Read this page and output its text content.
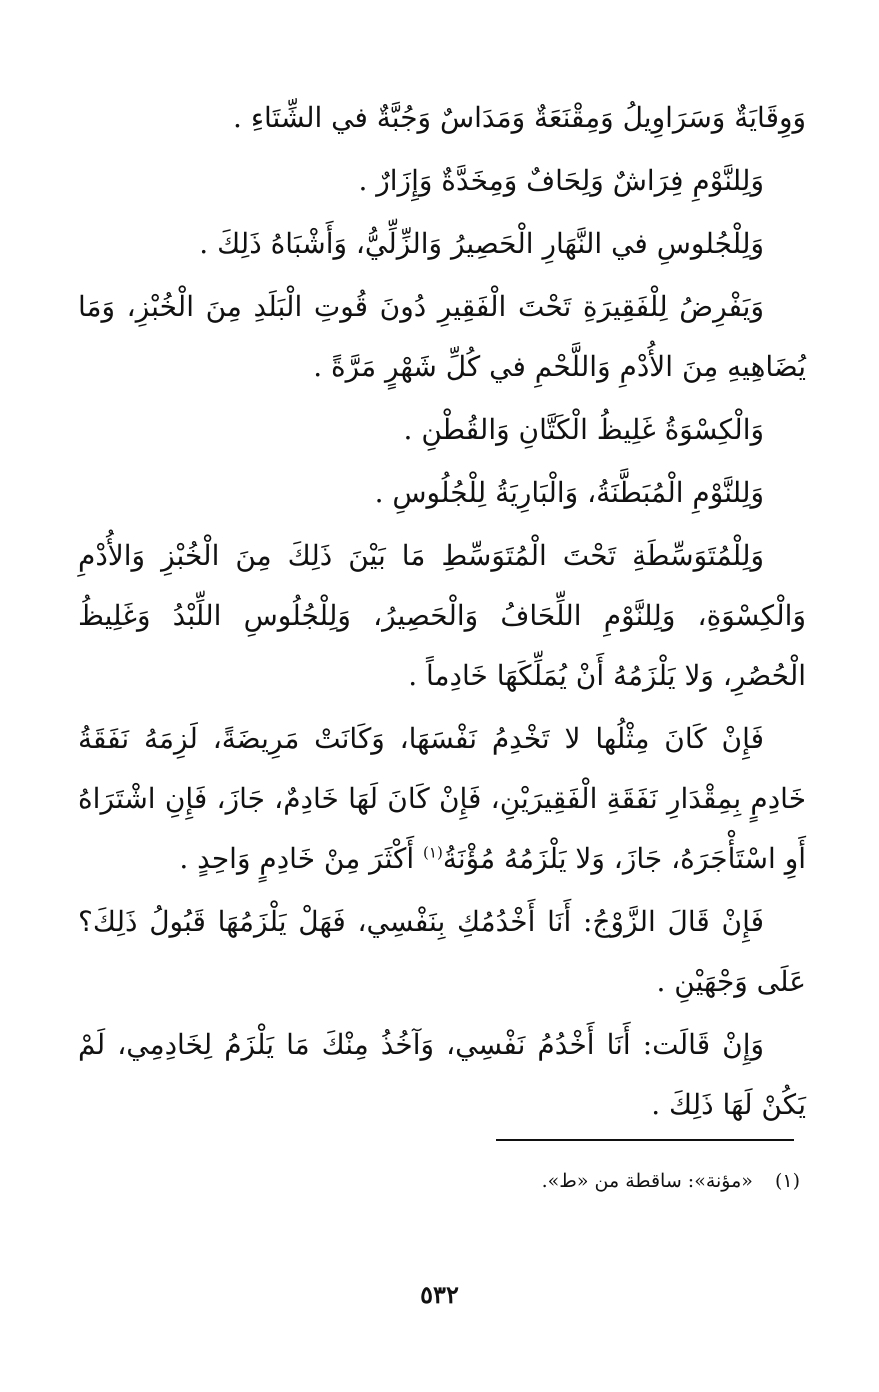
وَوِقَايَةٌ وَسَرَاوِيلُ وَمِقْنَعَةٌ وَمَدَاسٌ وَجُبَّةٌ في الشِّتَاءِ .

وَلِلنَّوْمِ فِرَاشٌ وَلِحَافٌ وَمِخَدَّةٌ وَإِزَارٌ .

وَلِلْجُلوسِ في النَّهَارِ الْحَصِيرُ وَالزِّلِّيُّ، وَأَشْبَاهُ ذَلِكَ .

وَيَفْرِضُ لِلْفَقِيرَةِ تَحْتَ الْفَقِيرِ دُونَ قُوتِ الْبَلَدِ مِنَ الْخُبْزِ، وَمَا يُضَاهِيهِ مِنَ الأُدْمِ وَاللَّحْمِ في كُلِّ شَهْرٍ مَرَّةً .

وَالْكِسْوَةُ غَلِيظُ الْكَتَّانِ وَالقُطْنِ .

وَلِلنَّوْمِ الْمُبَطَّنَةُ، وَالْبَارِيَةُ لِلْجُلُوسِ .

وَلِلْمُتَوَسِّطَةِ تَحْتَ الْمُتَوَسِّطِ مَا بَيْنَ ذَلِكَ مِنَ الْخُبْزِ وَالأُدْمِ وَالْكِسْوَةِ، وَلِلنَّوْمِ اللِّحَافُ وَالْحَصِيرُ، وَلِلْجُلُوسِ اللِّبْدُ وَغَلِيظُ الْحُصُرِ، وَلا يَلْزَمُهُ أَنْ يُمَلِّكَهَا خَادِماً .

فَإِنْ كَانَ مِثْلُها لا تَخْدِمُ نَفْسَهَا، وَكَانَتْ مَرِيضَةً، لَزِمَهُ نَفَقَةُ خَادِمٍ بِمِقْدَارِ نَفَقَةِ الْفَقِيرَيْنِ، فَإِنْ كَانَ لَهَا خَادِمٌ، جَازَ، فَإِنِ اشْتَرَاهُ أَوِ اسْتَأْجَرَهُ، جَازَ، وَلا يَلْزَمُهُ مُؤْنَةُ$^{(١)}$ أَكْثَرَ مِنْ خَادِمٍ وَاحِدٍ .

فَإِنْ قَالَ الزَّوْجُ: أَنَا أَخْدُمُكِ بِنَفْسِي، فَهَلْ يَلْزَمُهَا قَبُولُ ذَلِكَ؟ عَلَى وَجْهَيْنِ .

وَإِنْ قَالَت: أَنَا أَخْدُمُ نَفْسِي، وَآخُذُ مِنْكَ مَا يَلْزَمُ لِخَادِمِي، لَمْ يَكُنْ لَهَا ذَلِكَ .

(١)«مؤنة»: ساقطة من «ط».
٥٣٢
